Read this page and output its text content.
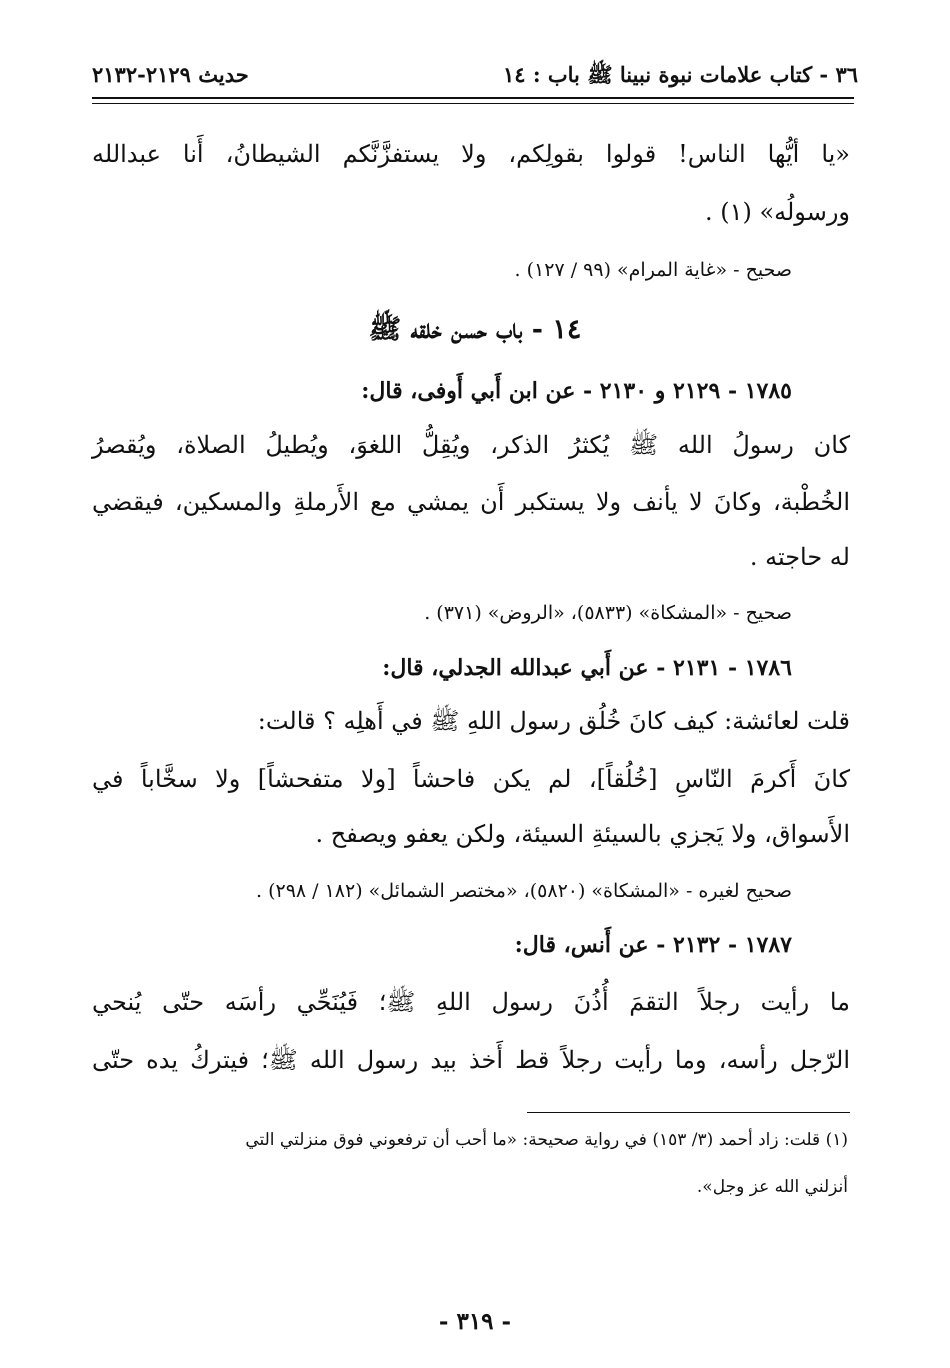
٣٦ - كتاب علامات نبوة نبينا ﷺ باب : ١٤
حديث ٢١٢٩-٢١٣٢
«يا أيُّها الناس! قولوا بقولِكم، ولا يستفزَّنَّكم الشيطانُ، أَنا عبدالله
ورسولُه» (١) .
صحيح - «غاية المرام» (٩٩ / ١٢٧) .
١٤ - باب حسن خلقه ﷺ
١٧٨٥ - ٢١٢٩ و ٢١٣٠ - عن ابن أَبي أَوفى، قال:
كان رسولُ الله ﷺ يُكثرُ الذكر، ويُقِلُّ اللغوَ، ويُطيلُ الصلاة، ويُقصرُ
الخُطْبة، وكانَ لا يأنف ولا يستكبر أَن يمشي مع الأَرملةِ والمسكين، فيقضي
له حاجته .
صحيح - «المشكاة» (٥٨٣٣)، «الروض» (٣٧١) .
١٧٨٦ - ٢١٣١ - عن أَبي عبدالله الجدلي، قال:
قلت لعائشة: كيف كانَ خُلُق رسول اللهِ ﷺ في أَهلِه ؟ قالت:
كانَ أَكرمَ النّاسِ [خُلُقاً]، لم يكن فاحشاً [ولا متفحشاً] ولا سخَّاباً في
الأَسواق، ولا يَجزي بالسيئةِ السيئة، ولكن يعفو ويصفح .
صحيح لغيره - «المشكاة» (٥٨٢٠)، «مختصر الشمائل» (١٨٢ / ٢٩٨) .
١٧٨٧ - ٢١٣٢ - عن أَنس، قال:
ما رأيت رجلاً التقمَ أُذُنَ رسول اللهِ ﷺ؛ فَيُنَحِّي رأسَه حتّى يُنحي
الرّجل رأسه، وما رأيت رجلاً قط أَخذ بيد رسول الله ﷺ؛ فيتركُ يده حتّى
(١) قلت: زاد أحمد (٣/ ١٥٣) في رواية صحيحة: «ما أحب أن ترفعوني فوق منزلتي التي
أنزلني الله عز وجل».
- ٣١٩ -
